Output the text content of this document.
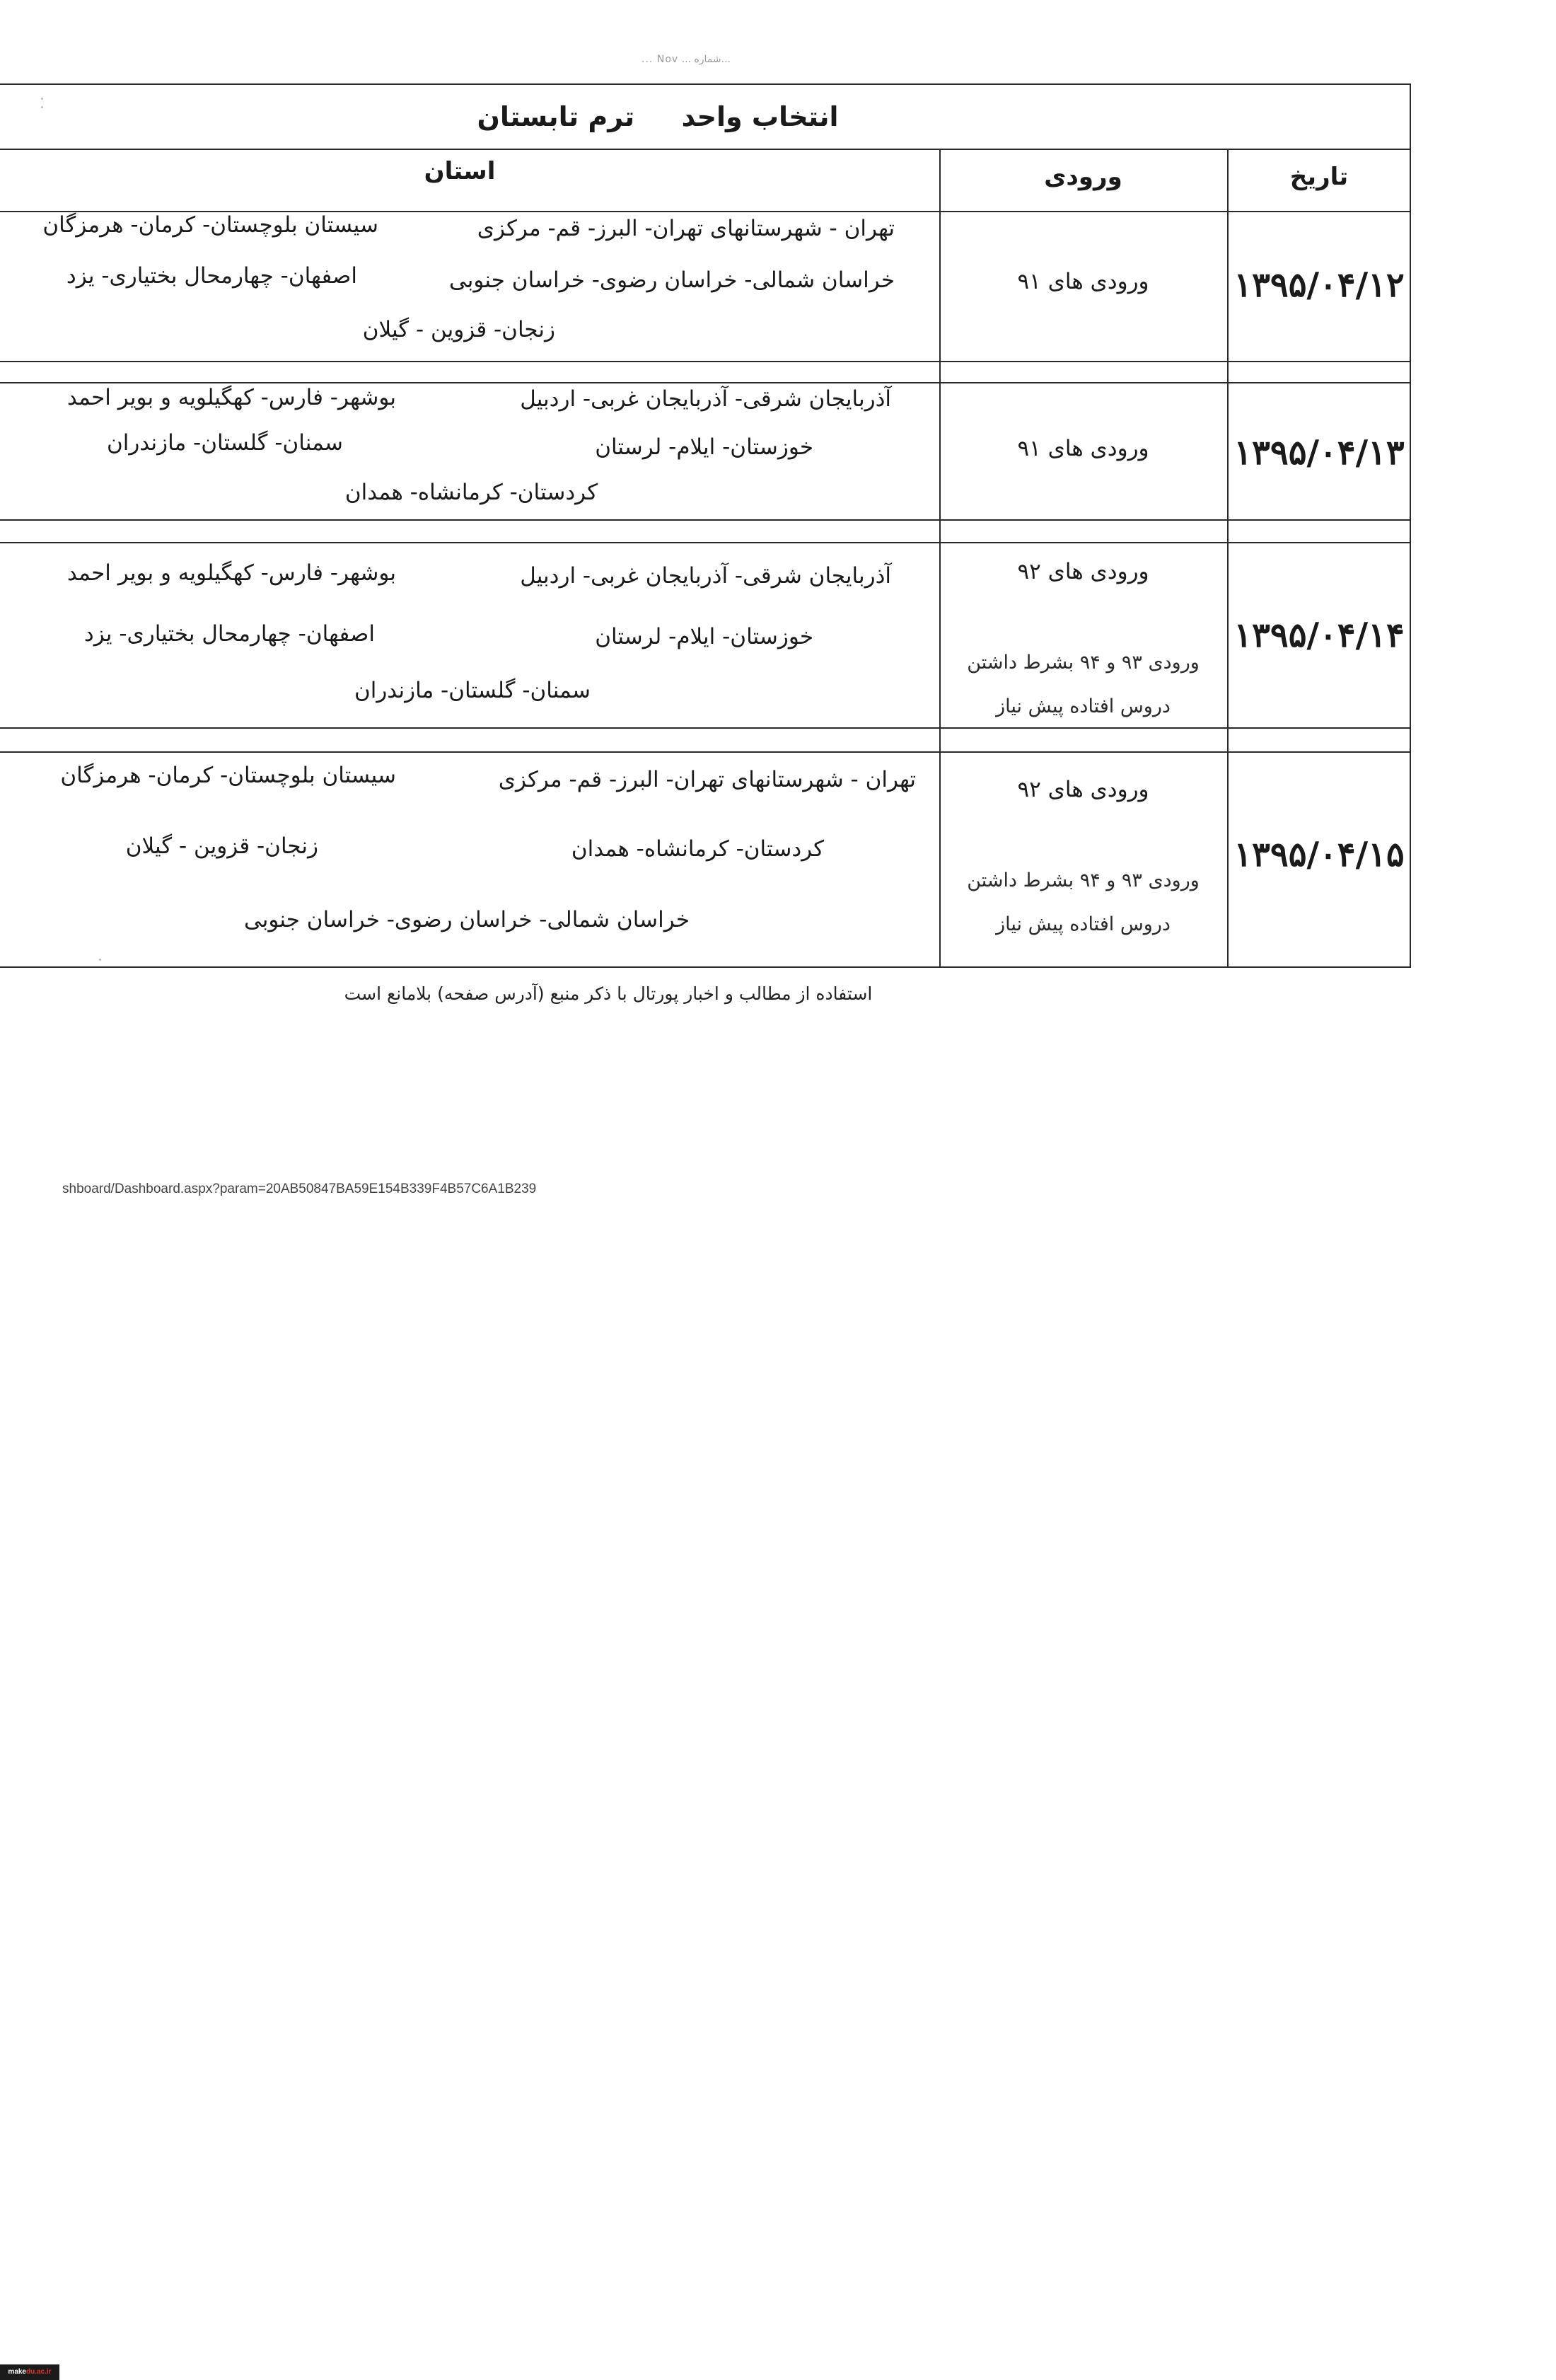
...شماره ... Nov ...
انتخاب واحد  ترم تابستان
تاریخ
ورودی
استان
۱۳۹۵/۰۴/۱۲
ورودی های ۹۱
تهران - شهرستانهای تهران- البرز- قم- مرکزی
سیستان بلوچستان- کرمان- هرمزگان
خراسان شمالی- خراسان رضوی- خراسان جنوبی
اصفهان- چهارمحال بختیاری- یزد
زنجان- قزوین - گیلان
۱۳۹۵/۰۴/۱۳
ورودی های ۹۱
آذربایجان شرقی- آذربایجان غربی- اردبیل
بوشهر- فارس- کهگیلویه و بویر احمد
خوزستان- ایلام- لرستان
سمنان- گلستان- مازندران
کردستان- کرمانشاه- همدان
۱۳۹۵/۰۴/۱۴
ورودی های ۹۲
ورودی ۹۳ و ۹۴ بشرط داشتن
دروس افتاده پیش نیاز
آذربایجان شرقی- آذربایجان غربی- اردبیل
بوشهر- فارس- کهگیلویه و بویر احمد
خوزستان- ایلام- لرستان
اصفهان- چهارمحال بختیاری- یزد
سمنان- گلستان- مازندران
۱۳۹۵/۰۴/۱۵
ورودی های ۹۲
ورودی ۹۳ و ۹۴ بشرط داشتن
دروس افتاده پیش نیاز
تهران - شهرستانهای تهران- البرز- قم- مرکزی
سیستان بلوچستان- کرمان- هرمزگان
کردستان- کرمانشاه- همدان
زنجان- قزوین - گیلان
خراسان شمالی- خراسان رضوی- خراسان جنوبی
استفاده از مطالب و اخبار پورتال با ذکر منبع (آدرس صفحه) بلامانع است
makedu.ac.ir
shboard/Dashboard.aspx?param=20AB50847BA59E154B339F4B57C6A1B239
